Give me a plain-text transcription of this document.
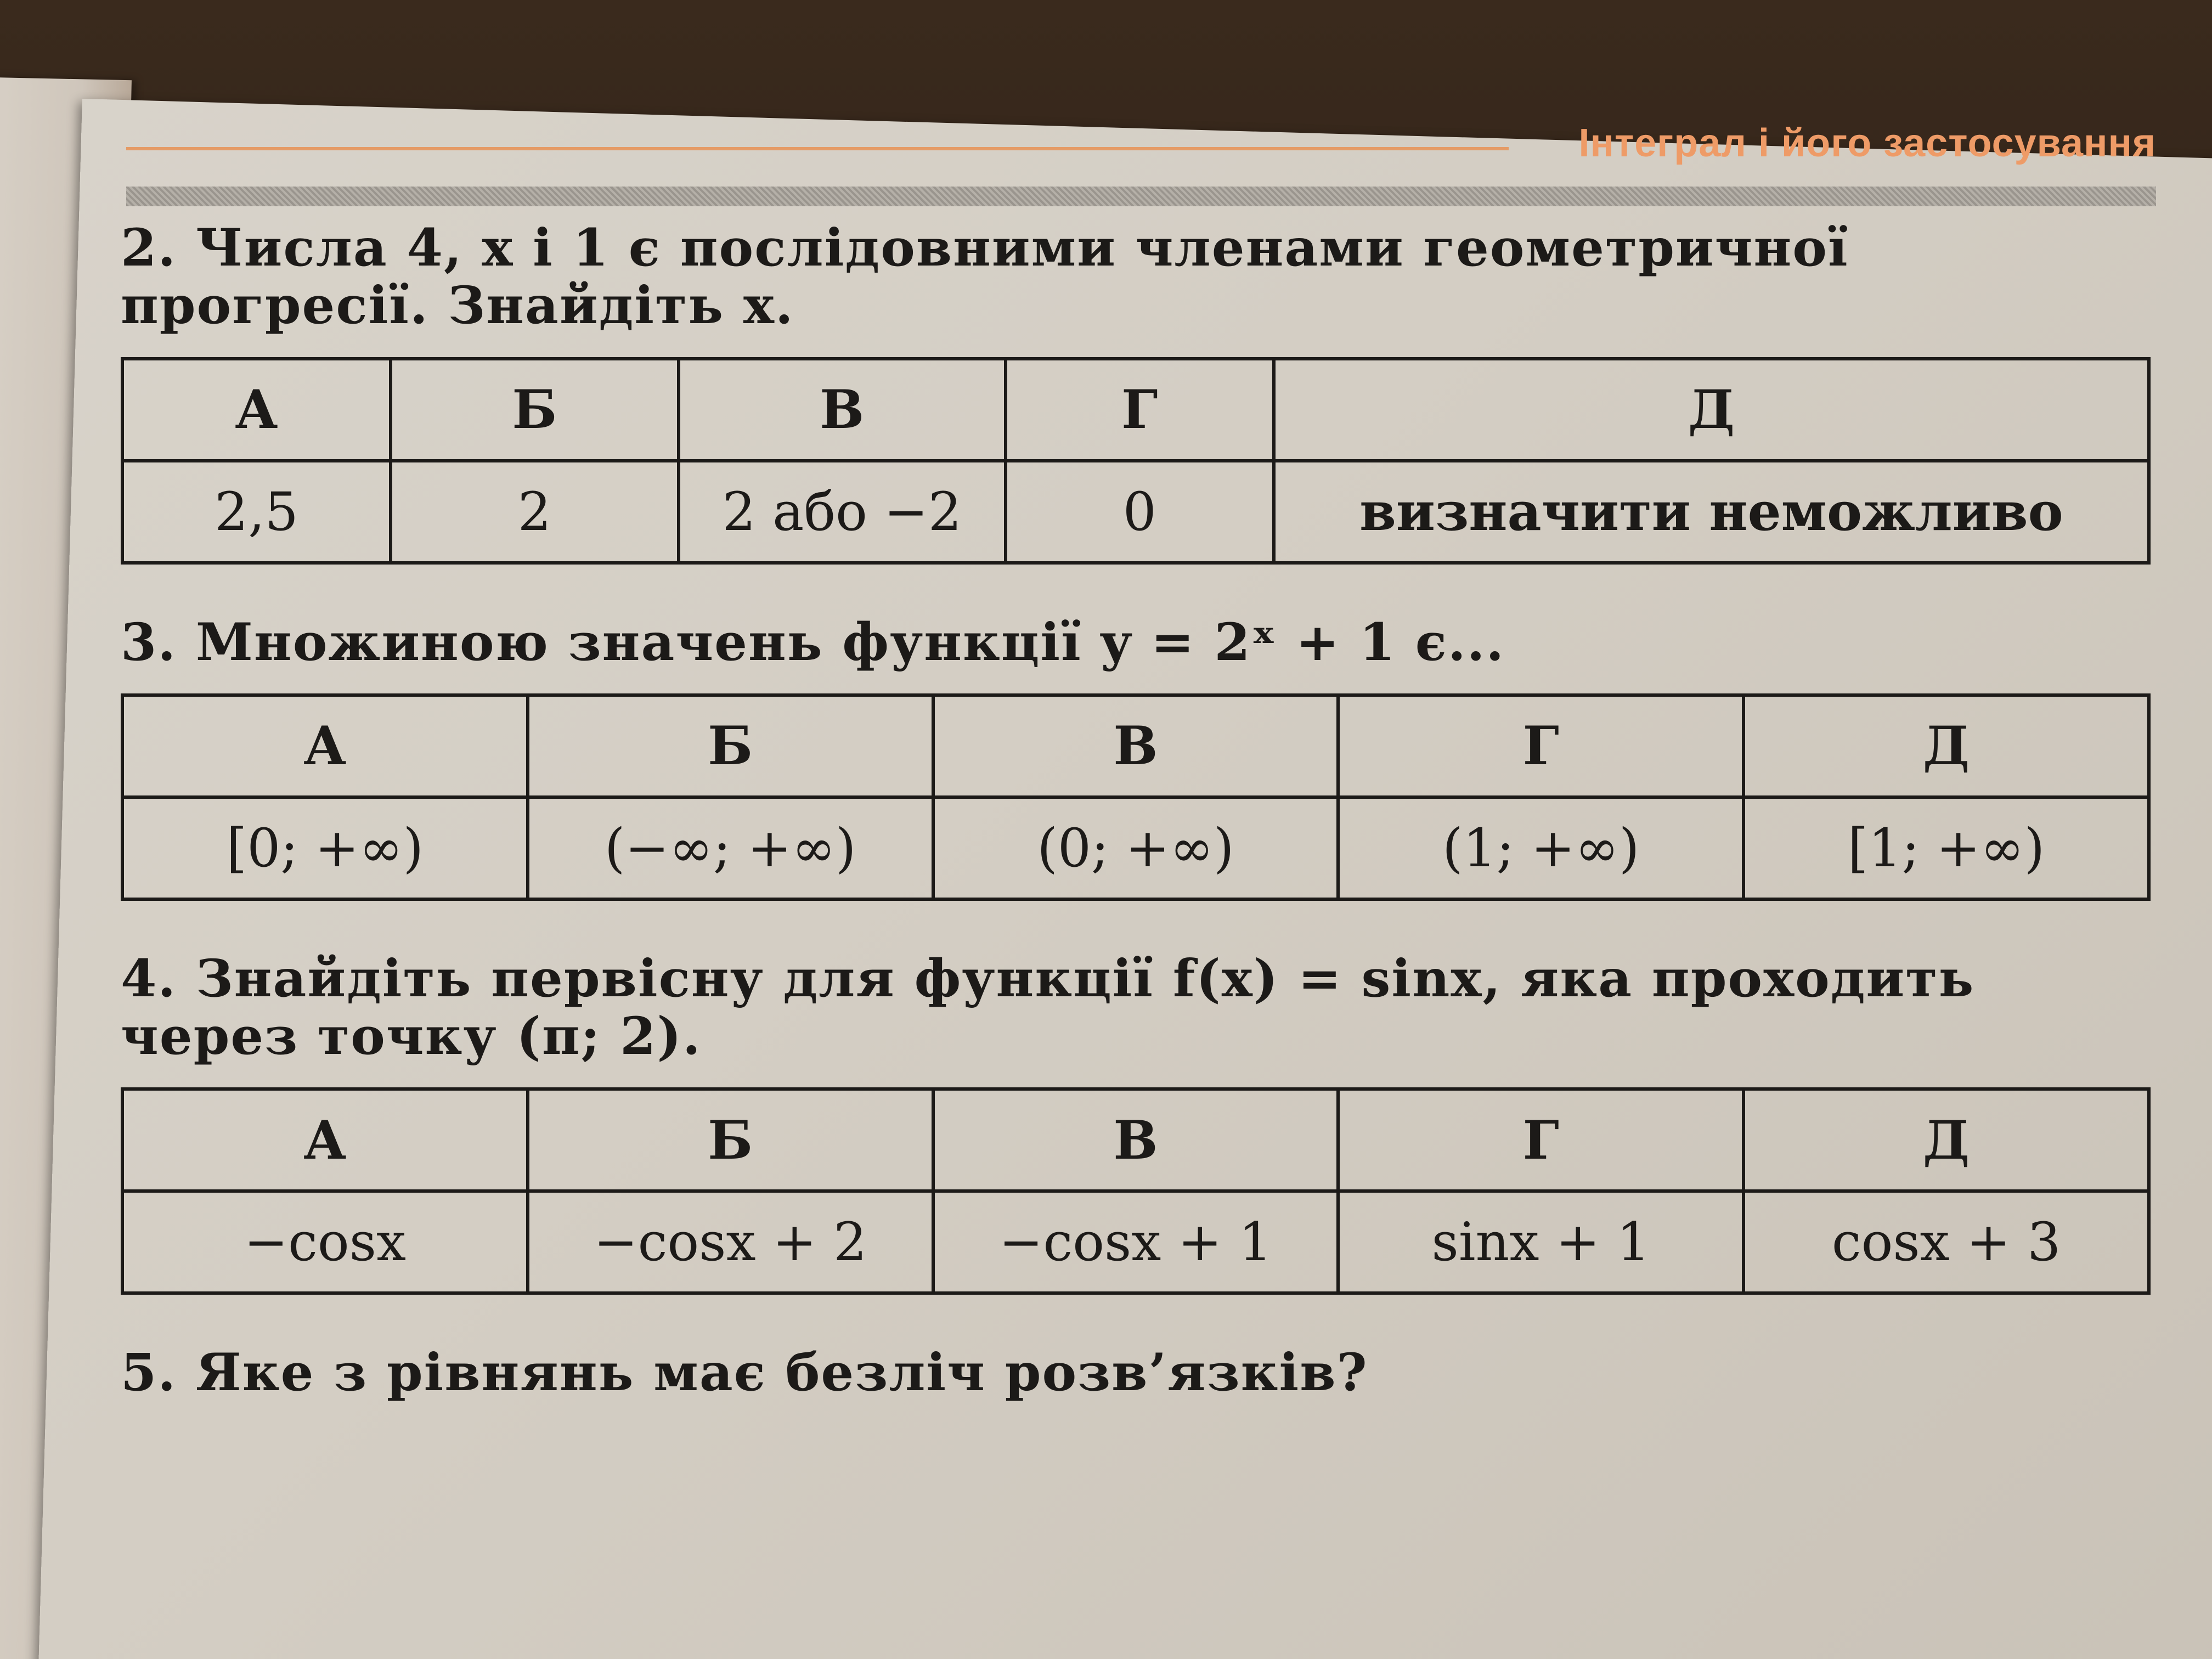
Інтеграл і його застосування
2. Числа 4, x і 1 є послідовними членами геометричної прогресії. Знайдіть x.
А	Б	В	Г	Д
2,5	2	2 або −2	0	визначити неможливо
3. Множиною значень функції y = 2ˣ + 1 є...
А	Б	В	Г	Д
[0; +∞)	(−∞; +∞)	(0; +∞)	(1; +∞)	[1; +∞)
4. Знайдіть первісну для функції f(x) = sinx, яка проходить через точку (π; 2).
А	Б	В	Г	Д
−cosx	−cosx + 2	−cosx + 1	sinx + 1	cosx + 3
5. Яке з рівнянь має безліч розв’язків?
